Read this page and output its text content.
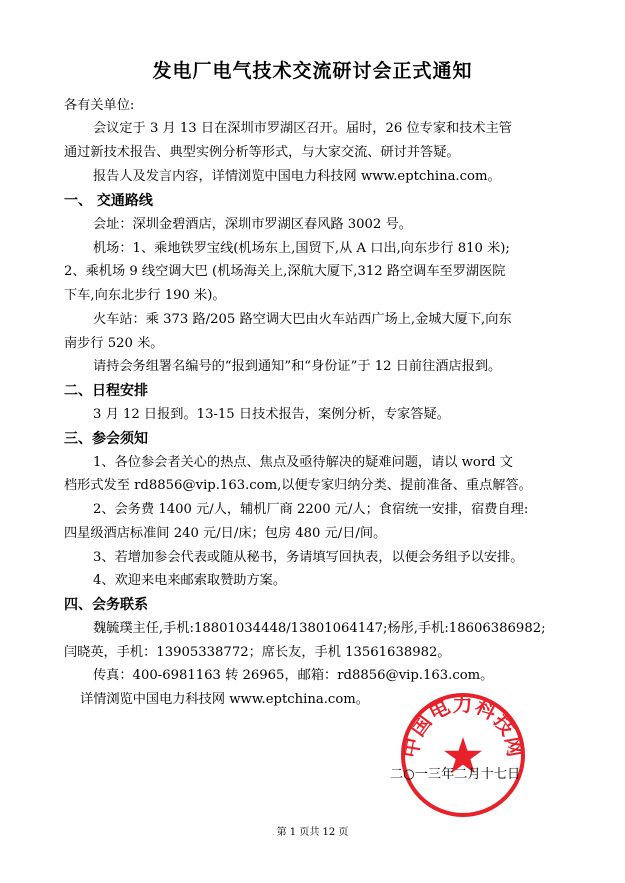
发电厂电气技术交流研讨会正式通知
各有关单位:
会议定于 3 月 13 日在深圳市罗湖区召开。届时，26 位专家和技术主管
通过新技术报告、典型实例分析等形式，与大家交流、研讨并答疑。
报告人及发言内容，详情浏览中国电力科技网 www.eptchina.com。
一、 交通路线
会址：深圳金碧酒店，深圳市罗湖区春风路 3002 号。
机场：1、乘地铁罗宝线(机场东上,国贸下,从 A 口出,向东步行 810 米);
2、乘机场 9 线空调大巴 (机场海关上,深航大厦下,312 路空调车至罗湖医院
下车,向东北步行 190 米)。
火车站：乘 373 路/205 路空调大巴由火车站西广场上,金城大厦下,向东
南步行 520 米。
请持会务组署名编号的“报到通知”和“身份证”于 12 日前往酒店报到。
二、日程安排
3 月 12 日报到。13-15 日技术报告，案例分析，专家答疑。
三、参会须知
1、各位参会者关心的热点、焦点及亟待解决的疑难问题，请以 word 文
档形式发至 rd8856@vip.163.com,以便专家归纳分类、提前准备、重点解答。
2、会务费 1400 元/人，辅机厂商 2200 元/人；食宿统一安排，宿费自理:
四星级酒店标准间 240 元/日/床；包房 480 元/日/间。
3、若增加参会代表或随从秘书，务请填写回执表，以便会务组予以安排。
4、欢迎来电来邮索取赞助方案。
四、会务联系
魏毓璞主任,手机:18801034448/13801064147;杨彤,手机:18606386982;
闫晓英，手机：13905338772；席长友，手机 13561638982。
传真：400-6981163 转 26965，邮箱：rd8856@vip.163.com。
详情浏览中国电力科技网 www.eptchina.com。
中国电力科技网
二○一三年二月十七日
第 1 页共 12 页
